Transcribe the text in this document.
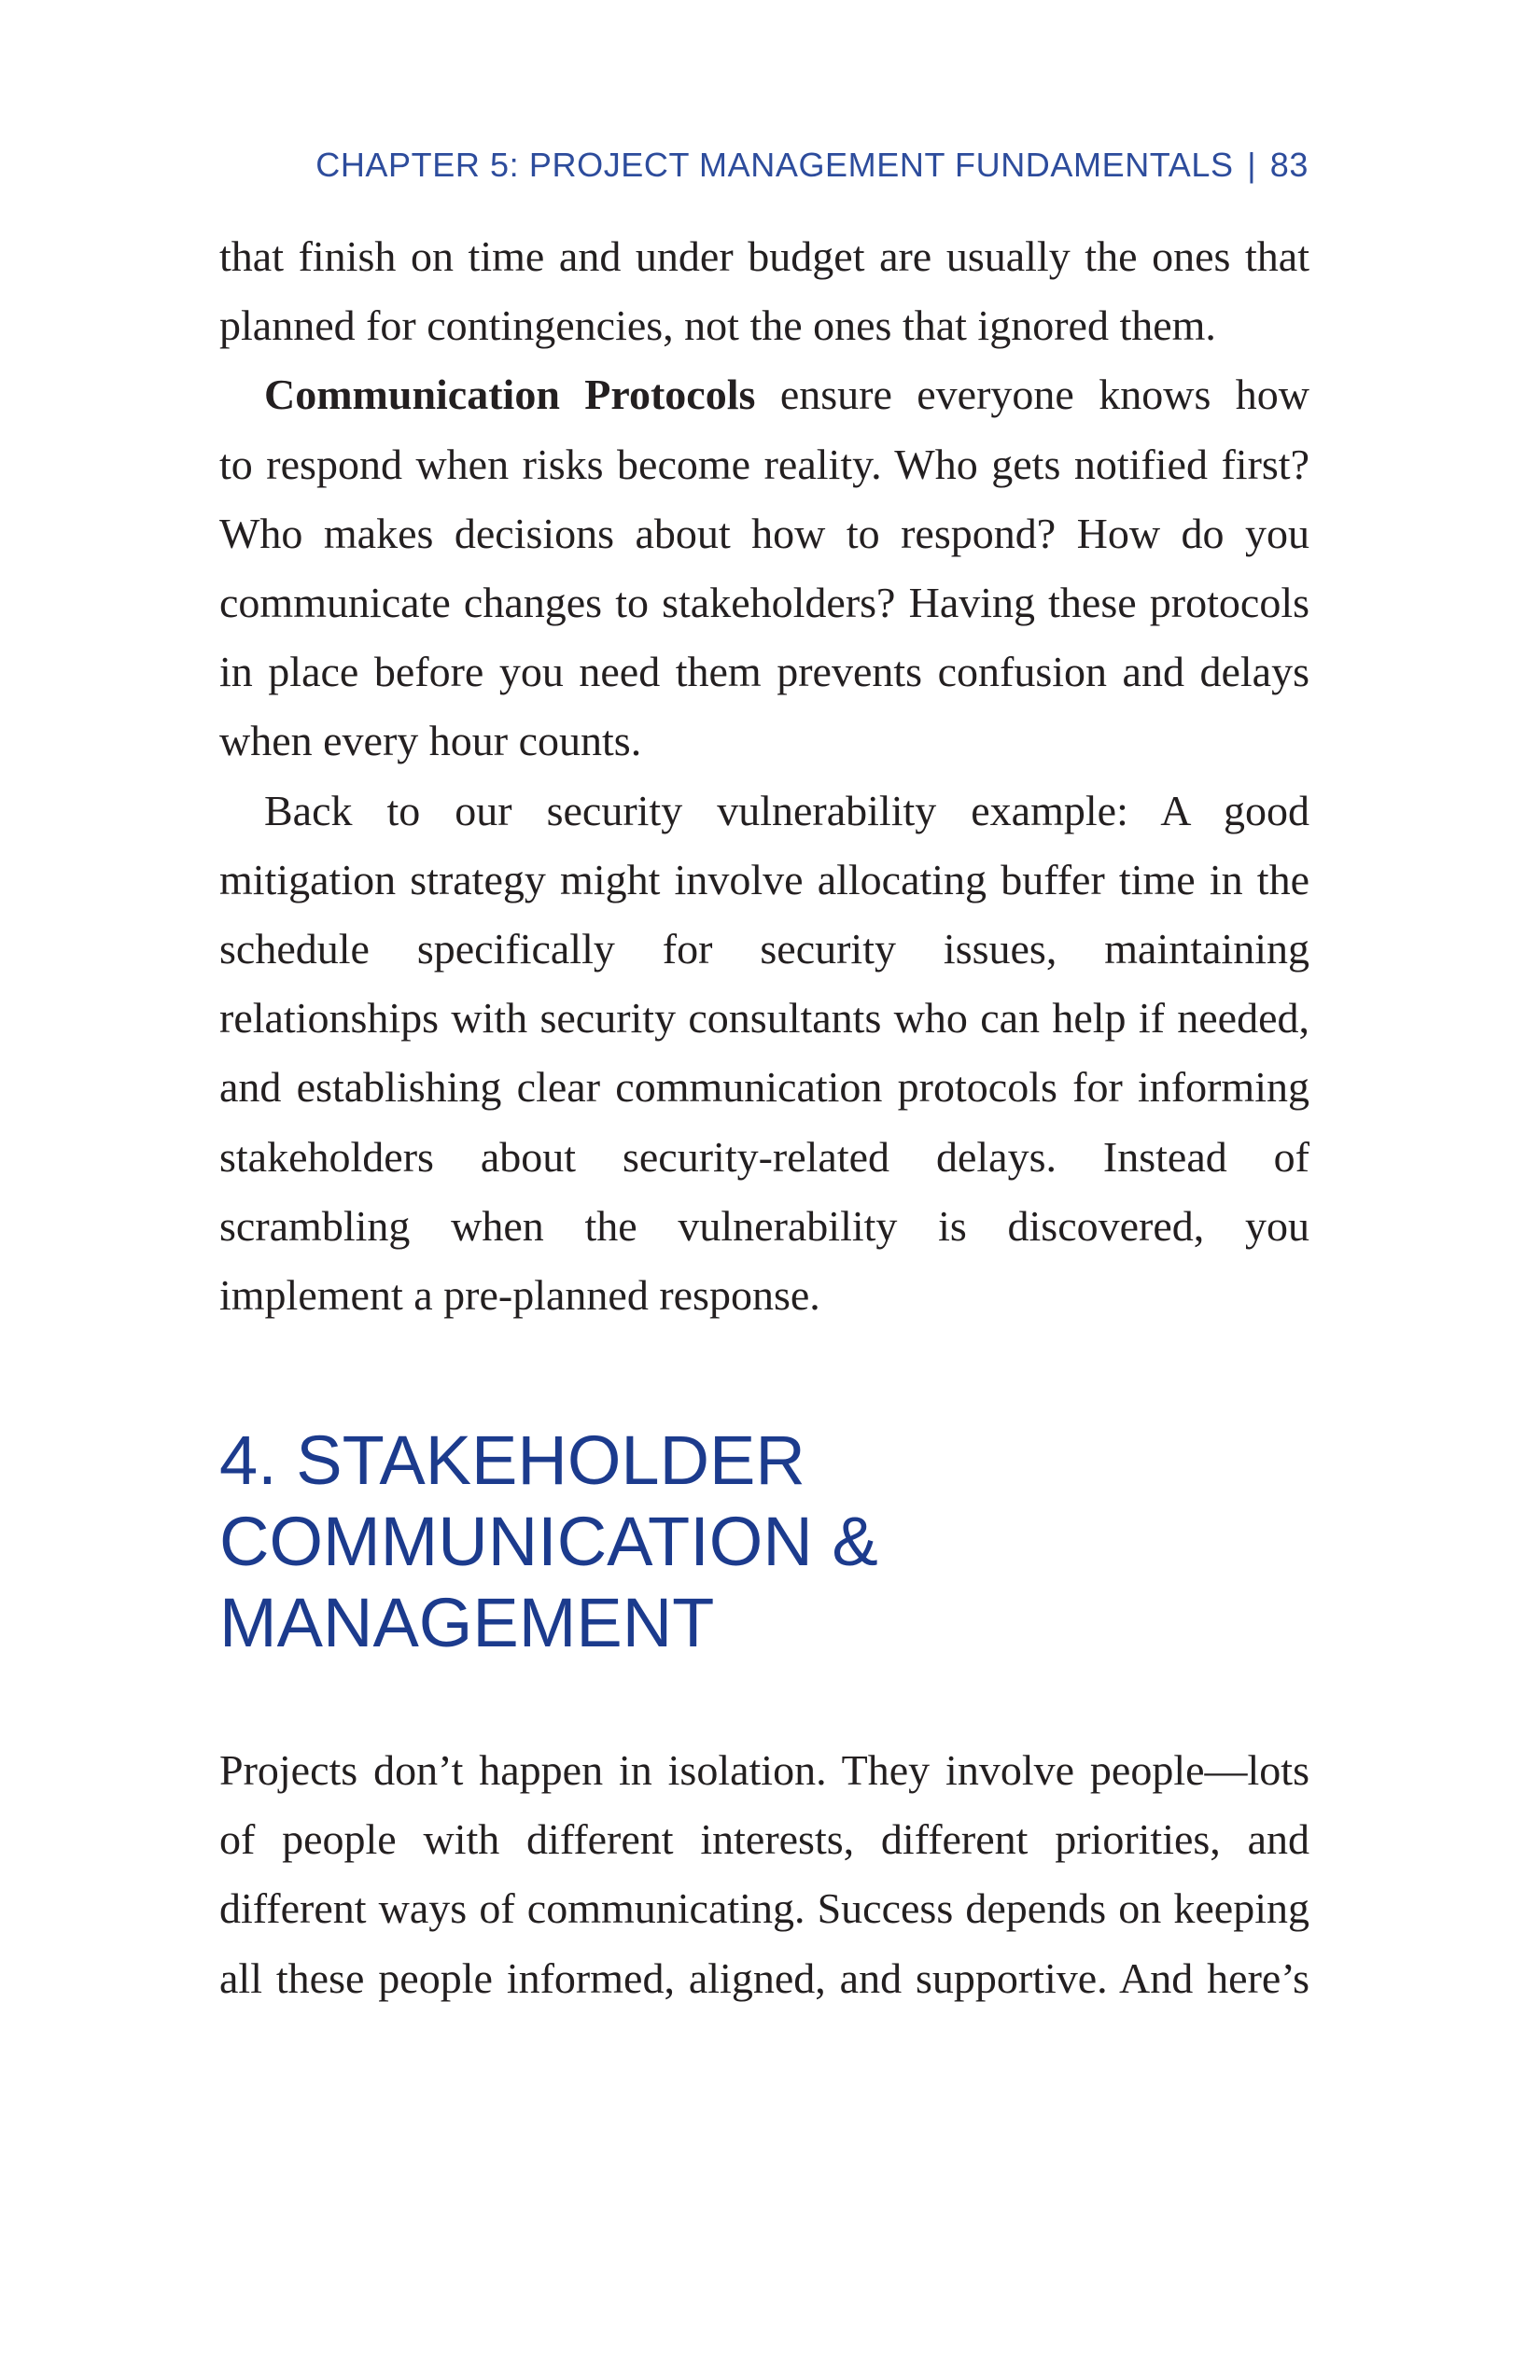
CHAPTER 5: PROJECT MANAGEMENT FUNDAMENTALS | 83
that finish on time and under budget are usually the ones that
planned for contingencies, not the ones that ignored them.
Communication Protocols ensure everyone knows how
to respond when risks become reality. Who gets notified first?
Who makes decisions about how to respond? How do you
communicate changes to stakeholders? Having these protocols
in place before you need them prevents confusion and delays
when every hour counts.
Back to our security vulnerability example: A good
mitigation strategy might involve allocating buffer time in the
schedule specifically for security issues, maintaining
relationships with security consultants who can help if needed,
and establishing clear communication protocols for informing
stakeholders about security-related delays. Instead of
scrambling when the vulnerability is discovered, you
implement a pre-planned response.
4. STAKEHOLDER
COMMUNICATION &
MANAGEMENT
Projects don’t happen in isolation. They involve people—lots
of people with different interests, different priorities, and
different ways of communicating. Success depends on keeping
all these people informed, aligned, and supportive. And here’s
